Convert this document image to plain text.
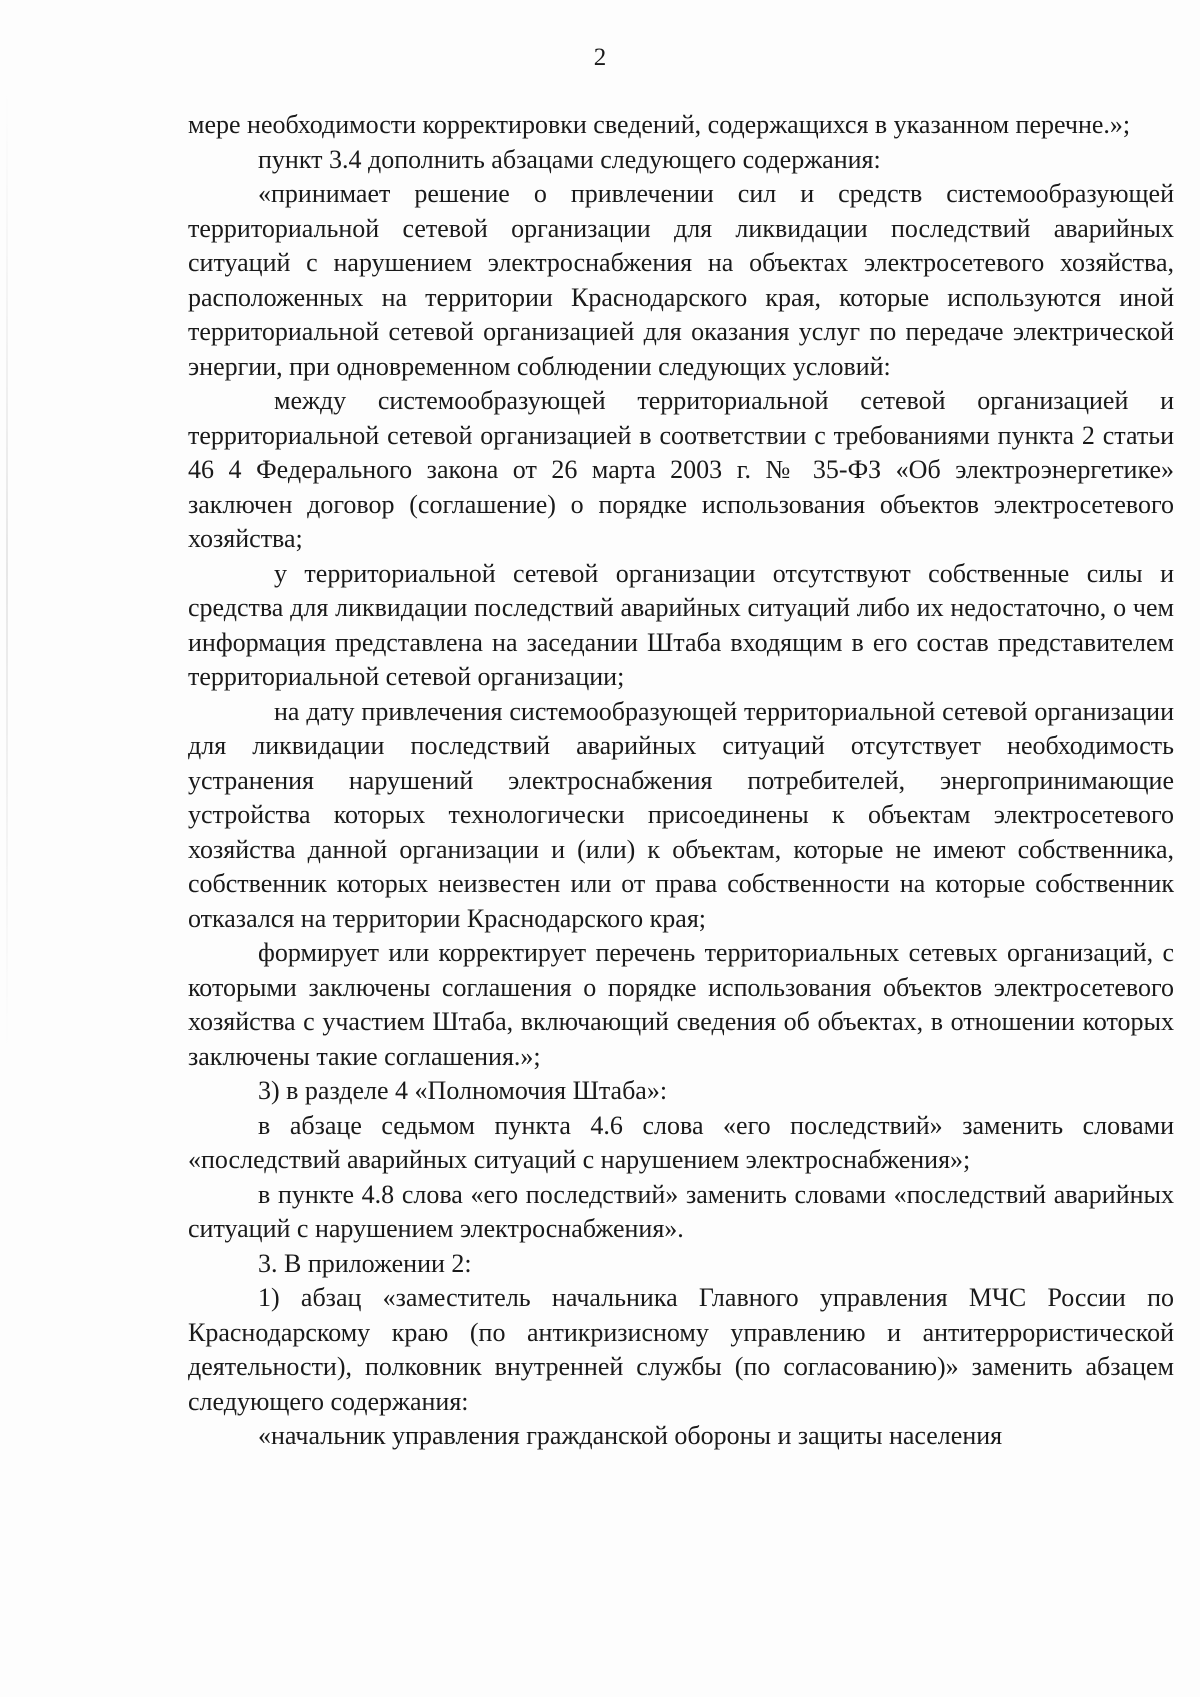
2

мере необходимости корректировки сведений, содержащихся в указанном перечне.»;

пункт 3.4 дополнить абзацами следующего содержания:

«принимает решение о привлечении сил и средств системообразующей территориальной сетевой организации для ликвидации последствий аварийных ситуаций с нарушением электроснабжения на объектах электросетевого хозяйства, расположенных на территории Краснодарского края, которые используются иной территориальной сетевой организацией для оказания услуг по передаче электрической энергии, при одновременном соблюдении следующих условий:

между системообразующей территориальной сетевой организацией и территориальной сетевой организацией в соответствии с требованиями пункта 2 статьи 46 4 Федерального закона от 26 марта 2003 г. № 35-ФЗ «Об электроэнергетике» заключен договор (соглашение) о порядке использования объектов электросетевого хозяйства;

у территориальной сетевой организации отсутствуют собственные силы и средства для ликвидации последствий аварийных ситуаций либо их недостаточно, о чем информация представлена на заседании Штаба входящим в его состав представителем территориальной сетевой организации;

на дату привлечения системообразующей территориальной сетевой организации для ликвидации последствий аварийных ситуаций отсутствует необходимость устранения нарушений электроснабжения потребителей, энергопринимающие устройства которых технологически присоединены к объектам электросетевого хозяйства данной организации и (или) к объектам, которые не имеют собственника, собственник которых неизвестен или от права собственности на которые собственник отказался на территории Краснодарского края;

формирует или корректирует перечень территориальных сетевых организаций, с которыми заключены соглашения о порядке использования объектов электросетевого хозяйства с участием Штаба, включающий сведения об объектах, в отношении которых заключены такие соглашения.»;

3) в разделе 4 «Полномочия Штаба»:

в абзаце седьмом пункта 4.6 слова «его последствий» заменить словами «последствий аварийных ситуаций с нарушением электроснабжения»;

в пункте 4.8 слова «его последствий» заменить словами «последствий аварийных ситуаций с нарушением электроснабжения».

3. В приложении 2:

1) абзац «заместитель начальника Главного управления МЧС России по Краснодарскому краю (по антикризисному управлению и антитеррористической деятельности), полковник внутренней службы (по согласованию)» заменить абзацем следующего содержания:

«начальник управления гражданской обороны и защиты населения
